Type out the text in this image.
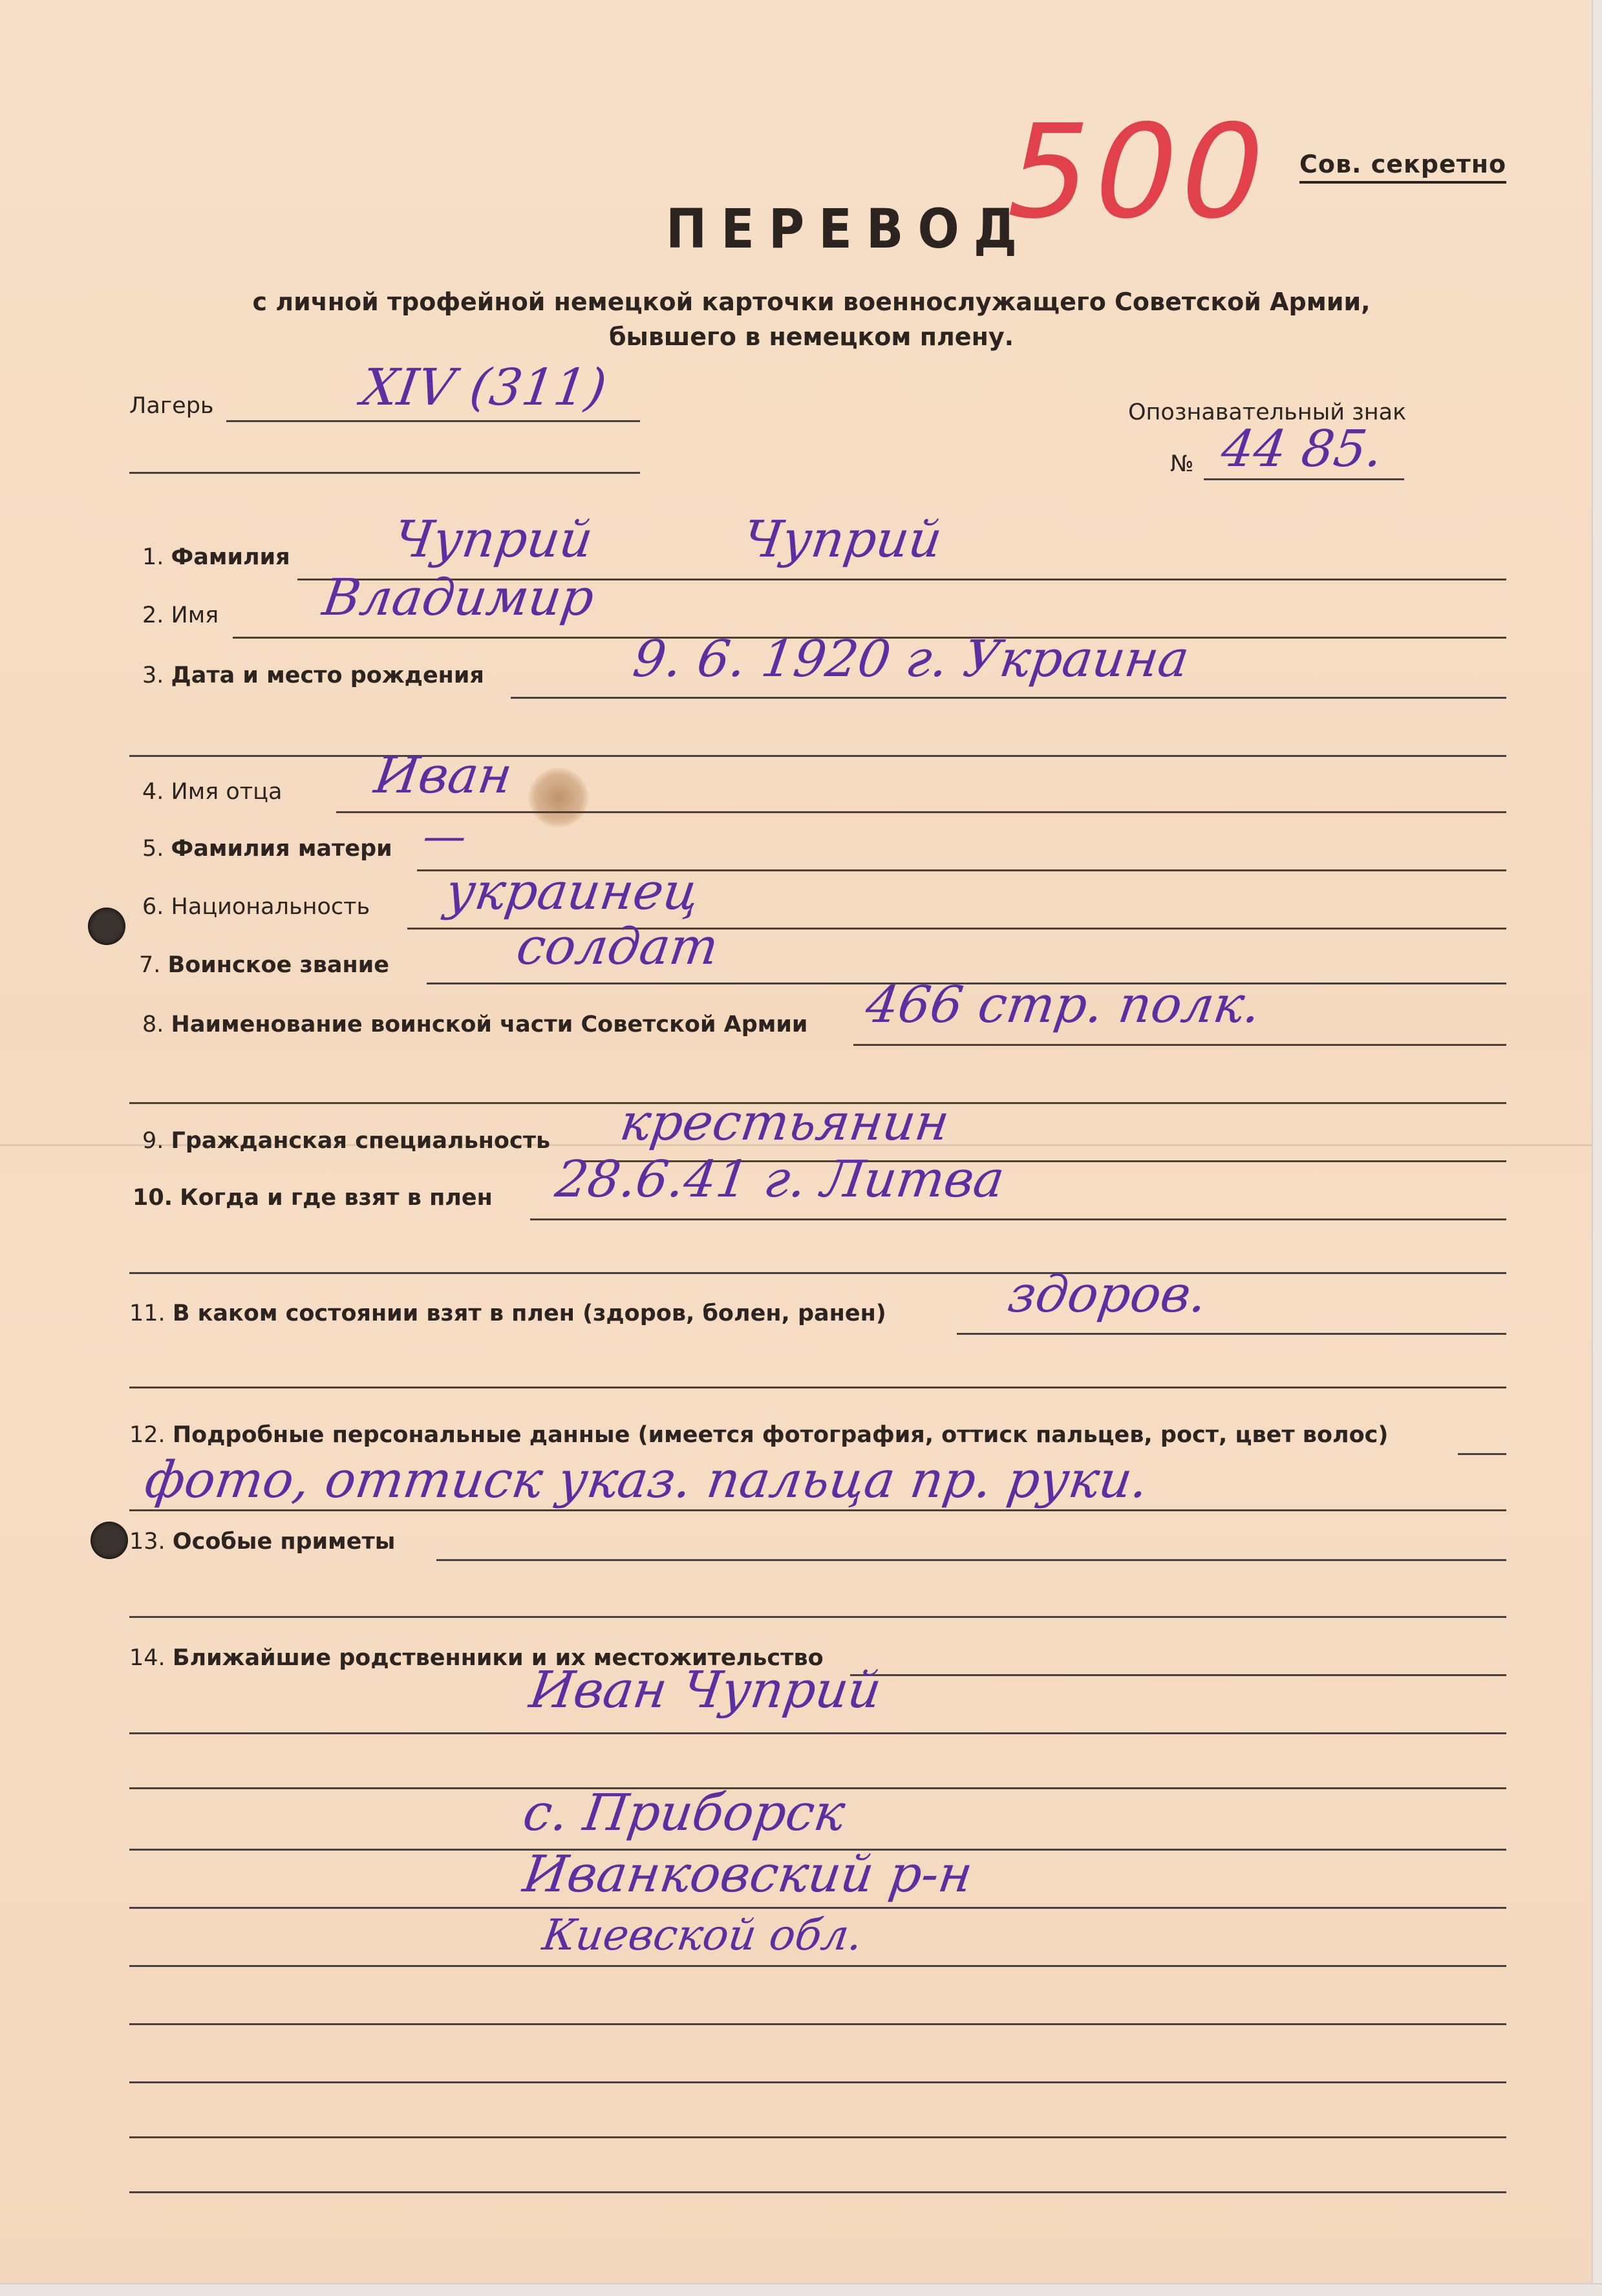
Сов. секретно
500
ПЕРЕВОД
с личной трофейной немецкой карточки военнослужащего Советской Армии,
бывшего в немецком плену.
Лагерь	XIV (311)	Опознавательный знак
№ 44 85.
1. Фамилия Чуприй	Чуприй
2. Имя Владимир
3. Дата и место рождения	9. 6. 1920 г. Украина
4. Имя отца Иван
5. Фамилия матери —
6. Национальность украинец
7. Воинское звание солдат
8. Наименование воинской части Советской Армии 466 стр. полк.
9. Гражданская специальность крестьянин
10. Когда и где взят в плен 28.6.41 г. Литва
11. В каком состоянии взят в плен (здоров, болен, ранен) здоров.
12. Подробные персональные данные (имеется фотография, оттиск пальцев, рост, цвет волос)
фото, оттиск указ. пальца пр. руки.
13. Особые приметы
14. Ближайшие родственники и их местожительство
Иван Чуприй
с. Приборск
Иванковский р-н
Киевской обл.
